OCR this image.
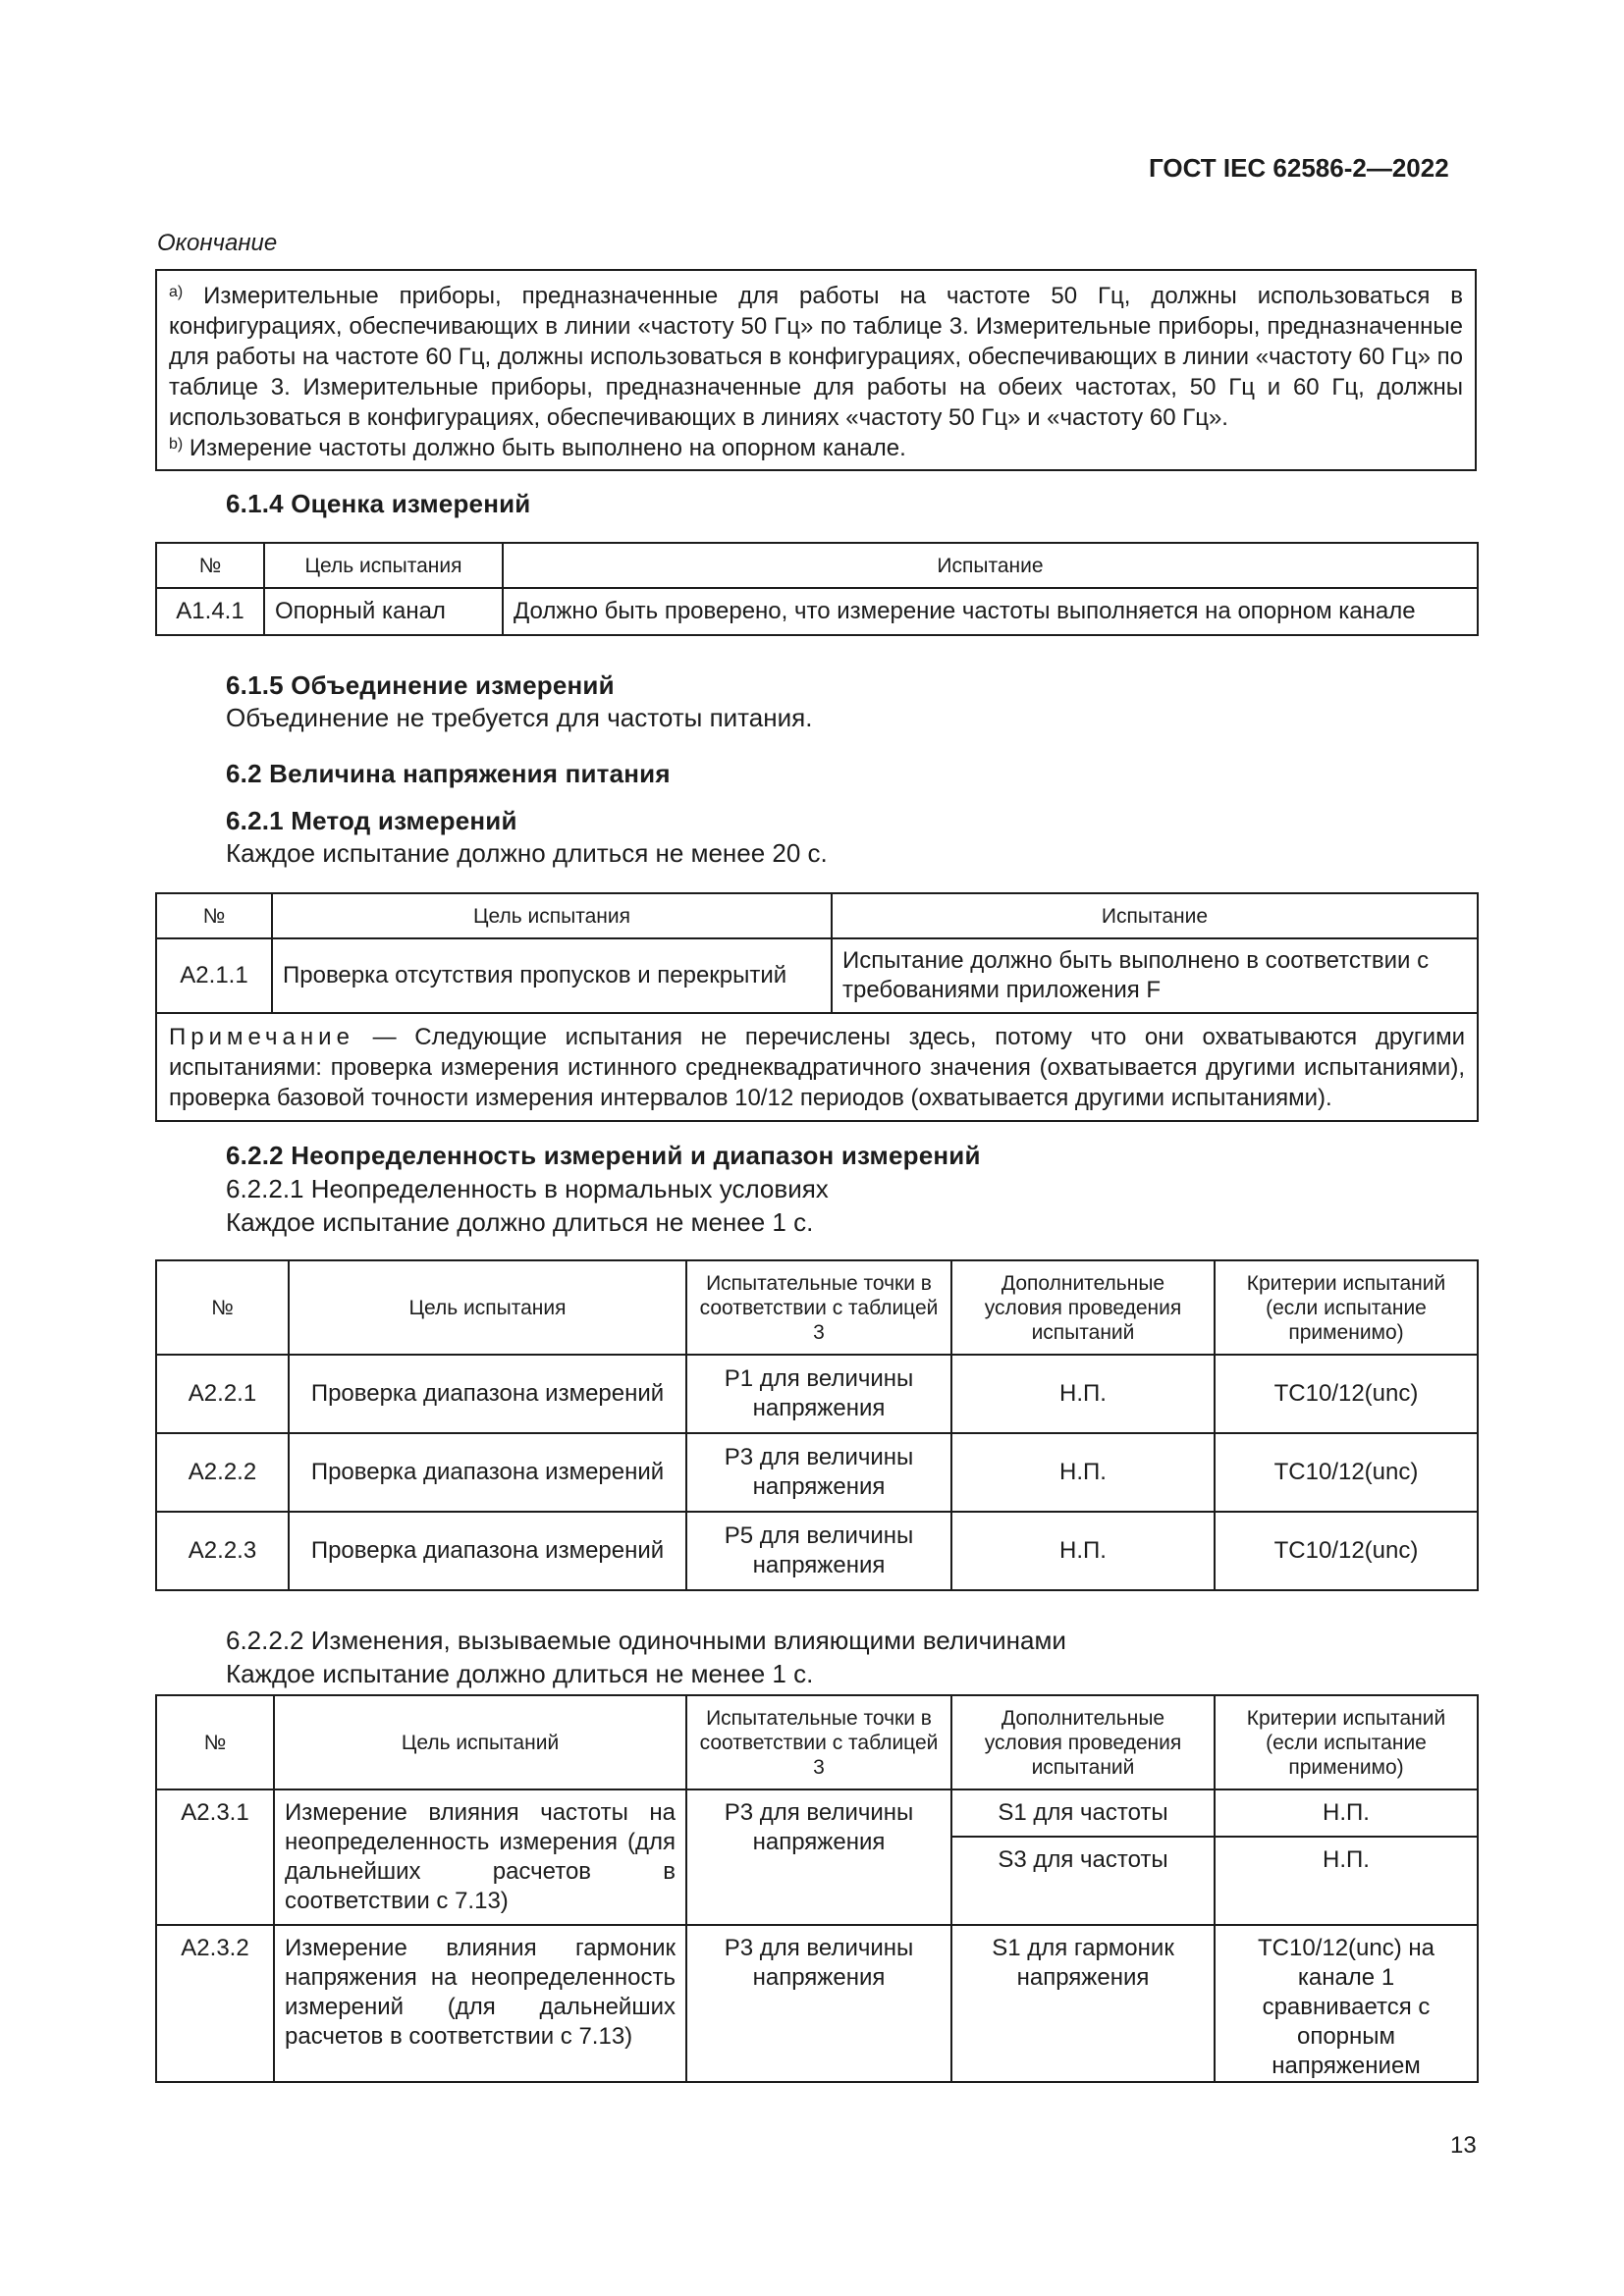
ГОСТ IEC 62586-2—2022
Окончание
$^{a)}$ Измерительные приборы, предназначенные для работы на частоте 50 Гц, должны использоваться в конфигурациях, обеспечивающих в линии «частоту 50 Гц» по таблице 3. Измерительные приборы, предназначенные для работы на частоте 60 Гц, должны использоваться в конфигурациях, обеспечивающих в линии «частоту 60 Гц» по таблице 3. Измерительные приборы, предназначенные для работы на обеих частотах, 50 Гц и 60 Гц, должны использоваться в конфигурациях, обеспечивающих в линиях «частоту 50 Гц» и «частоту 60 Гц».
$^{b)}$ Измерение частоты должно быть выполнено на опорном канале.
6.1.4 Оценка измерений
№	Цель испытания	Испытание
A1.4.1	Опорный канал	Должно быть проверено, что измерение частоты выполняется на опорном канале
6.1.5 Объединение измерений
Объединение не требуется для частоты питания.
6.2 Величина напряжения питания
6.2.1 Метод измерений
Каждое испытание должно длиться не менее 20 с.
№	Цель испытания	Испытание
A2.1.1	Проверка отсутствия пропусков и перекрытий	Испытание должно быть выполнено в соответствии с требованиями приложения F
Примечание — Следующие испытания не перечислены здесь, потому что они охватываются другими испытаниями: проверка измерения истинного среднеквадратичного значения (охватывается другими испытаниями), проверка базовой точности измерения интервалов 10/12 периодов (охватывается другими испытаниями).		
6.2.2 Неопределенность измерений и диапазон измерений
6.2.2.1 Неопределенность в нормальных условиях
Каждое испытание должно длиться не менее 1 с.
№	Цель испытания	Испытательные точки в соответствии с таблицей 3	Дополнительные условия проведения испытаний	Критерии испытаний (если испытание применимо)
A2.2.1	Проверка диапазона измерений	P1 для величины напряжения	Н.П.	TC10/12(unc)
A2.2.2	Проверка диапазона измерений	P3 для величины напряжения	Н.П.	TC10/12(unc)
A2.2.3	Проверка диапазона измерений	P5 для величины напряжения	Н.П.	TC10/12(unc)
6.2.2.2 Изменения, вызываемые одиночными влияющими величинами
Каждое испытание должно длиться не менее 1 с.
№	Цель испытаний	Испытательные точки в соответствии с таблицей 3	Дополнительные условия проведения испытаний	Критерии испытаний (если испытание применимо)
A2.3.1	Измерение влияния частоты на неопределенность измерения (для дальнейших расчетов в соответствии с 7.13)	P3 для величины напряжения	S1 для частоты	Н.П.
			S3 для частоты	Н.П.
A2.3.2	Измерение влияния гармоник напряжения на неопределенность измерений (для дальнейших расчетов в соответствии с 7.13)	P3 для величины напряжения	S1 для гармоник напряжения	TC10/12(unc) на канале 1 сравнивается с опорным напряжением
13
